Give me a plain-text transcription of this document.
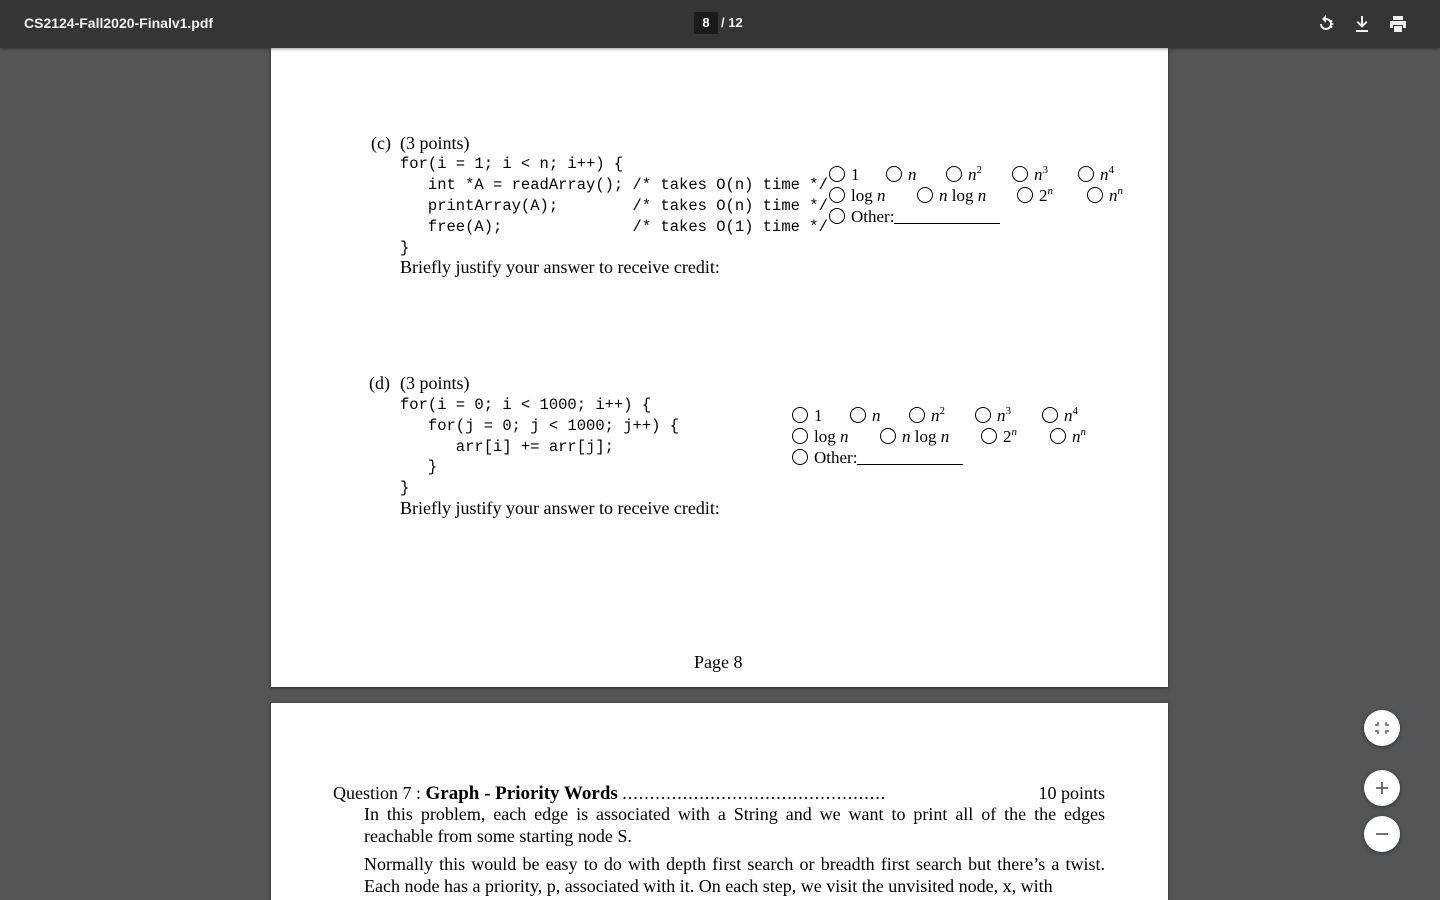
CS2124-Fall2020-Finalv1.pdf	8 / 12
(c) (3 points)
for(i = 1; i < n; i++) {
int *A = readArray(); /* takes O(n) time */
printArray(A);        /* takes O(n) time */
free(A);              /* takes O(1) time */
}
Briefly justify your answer to receive credit:
1	n	$n^2$	$n^3$	$n^4$
log n	n log n	2$^n$	$n^n$
Other:
(d) (3 points)
for(i = 0; i < 1000; i++) {
for(j = 0; j < 1000; j++) {
arr[i] += arr[j];
}
}
Briefly justify your answer to receive credit:
1	n	$n^2$	$n^3$	$n^4$
log n	n log n	2$^n$	$n^n$
Other:
Page 8
Question 7 : Graph - Priority Words ................................................	10 points
In this problem, each edge is associated with a String and we want to print all of the the edges reachable from some starting node S.
Normally this would be easy to do with depth first search or breadth first search but there’s a twist. Each node has a priority, p, associated with it. On each step, we visit the unvisited node, x, with
